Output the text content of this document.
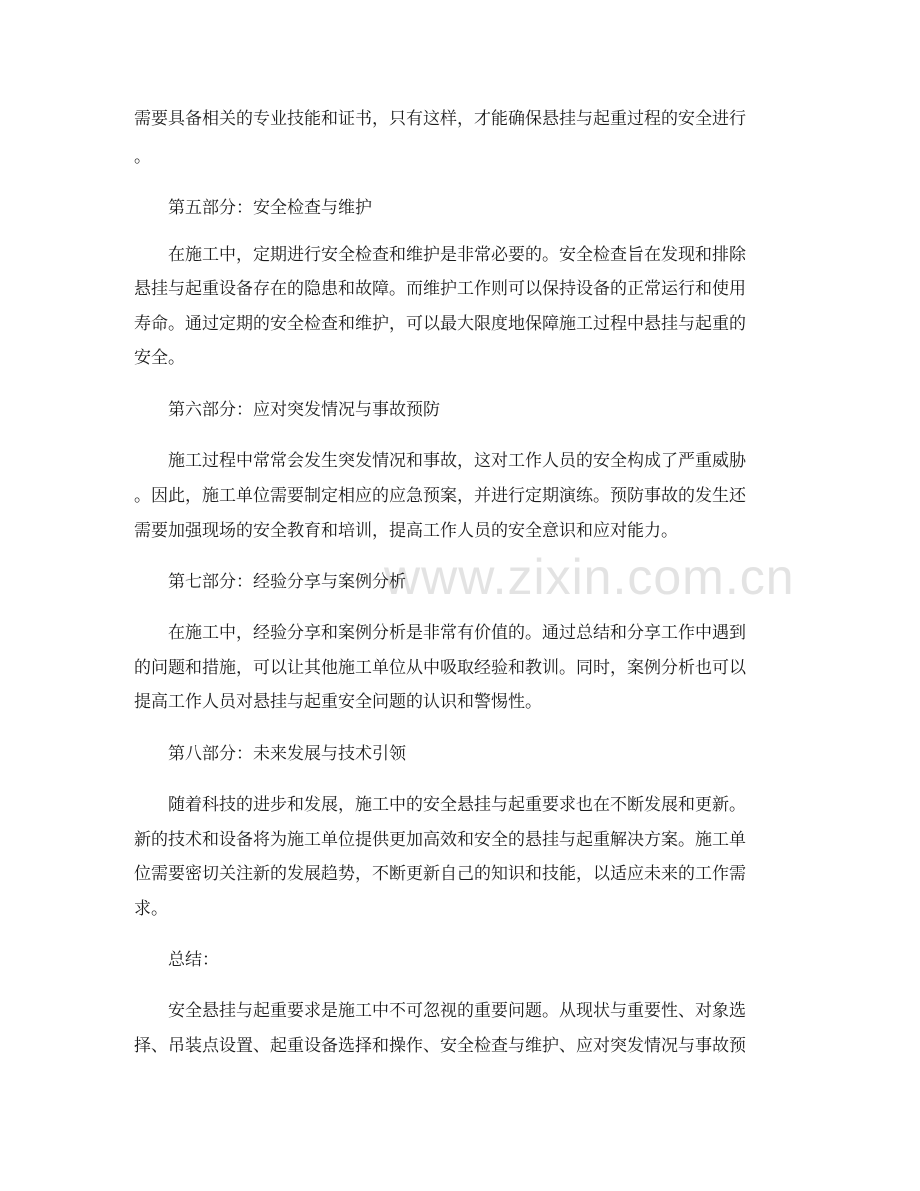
www.zixin.com.cn
需要具备相关的专业技能和证书，只有这样，才能确保悬挂与起重过程的安全进行
。
第五部分：安全检查与维护
在施工中，定期进行安全检查和维护是非常必要的。安全检查旨在发现和排除
悬挂与起重设备存在的隐患和故障。而维护工作则可以保持设备的正常运行和使用
寿命。通过定期的安全检查和维护，可以最大限度地保障施工过程中悬挂与起重的
安全。
第六部分：应对突发情况与事故预防
施工过程中常常会发生突发情况和事故，这对工作人员的安全构成了严重威胁
。因此，施工单位需要制定相应的应急预案，并进行定期演练。预防事故的发生还
需要加强现场的安全教育和培训，提高工作人员的安全意识和应对能力。
第七部分：经验分享与案例分析
在施工中，经验分享和案例分析是非常有价值的。通过总结和分享工作中遇到
的问题和措施，可以让其他施工单位从中吸取经验和教训。同时，案例分析也可以
提高工作人员对悬挂与起重安全问题的认识和警惕性。
第八部分：未来发展与技术引领
随着科技的进步和发展，施工中的安全悬挂与起重要求也在不断发展和更新。
新的技术和设备将为施工单位提供更加高效和安全的悬挂与起重解决方案。施工单
位需要密切关注新的发展趋势，不断更新自己的知识和技能，以适应未来的工作需
求。
总结：
安全悬挂与起重要求是施工中不可忽视的重要问题。从现状与重要性、对象选
择、吊装点设置、起重设备选择和操作、安全检查与维护、应对突发情况与事故预
